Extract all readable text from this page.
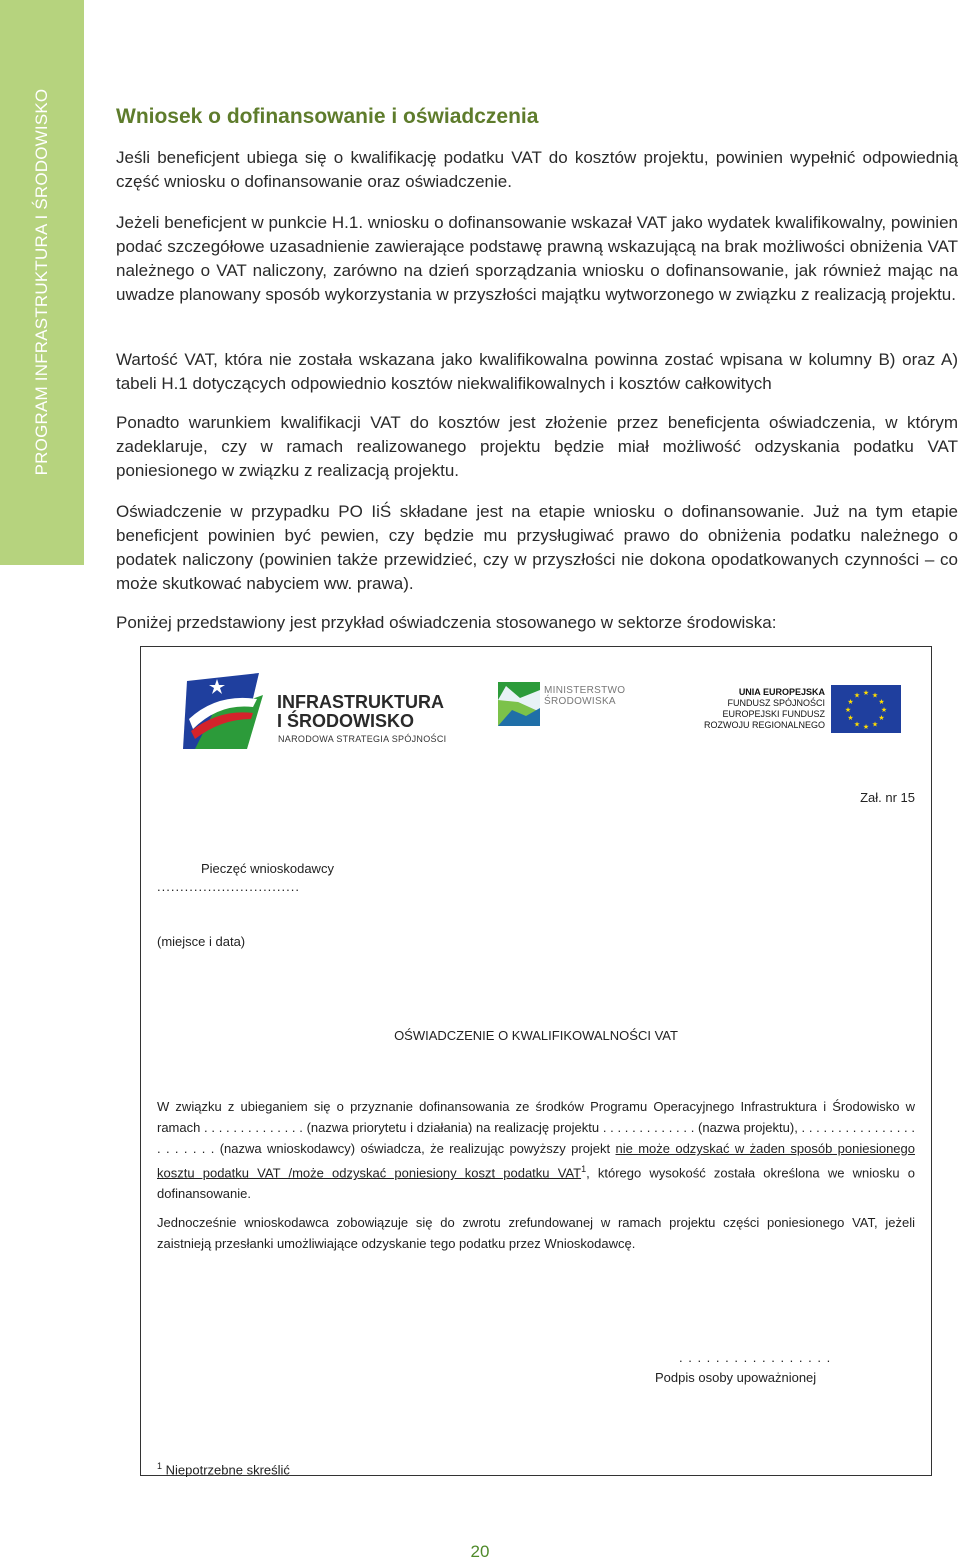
PROGRAM INFRASTRUKTURA I ŚRODOWISKO	Wniosek o dofinansowanie i oświadczenia

Jeśli beneficjent ubiega się o kwalifikację podatku VAT do kosztów projektu, powinien wypełnić odpowiednią część wniosku o dofinansowanie oraz oświadczenie.

Jeżeli beneficjent w punkcie H.1. wniosku o dofinansowanie wskazał VAT jako wydatek kwalifikowalny, powinien podać szczegółowe uzasadnienie zawierające podstawę prawną wskazującą na brak możliwości obniżenia VAT należnego o VAT naliczony, zarówno na dzień sporządzania wniosku o dofinansowanie, jak również mając na uwadze planowany sposób wykorzystania w przyszłości majątku wytworzonego w związku z realizacją projektu.

Wartość VAT, która nie została wskazana jako kwalifikowalna powinna zostać wpisana w kolumny B) oraz A) tabeli H.1 dotyczących odpowiednio kosztów niekwalifikowalnych i kosztów całkowitych

Ponadto warunkiem kwalifikacji VAT do kosztów jest złożenie przez beneficjenta oświadczenia, w którym zadeklaruje, czy w ramach realizowanego projektu będzie miał możliwość odzyskania podatku VAT poniesionego w związku z realizacją projektu.

Oświadczenie w przypadku PO IiŚ składane jest na etapie wniosku o dofinansowanie. Już na tym etapie beneficjent powinien być pewien, czy będzie mu przysługiwać prawo do obniżenia podatku należnego o podatek naliczony (powinien także przewidzieć, czy w przyszłości nie dokona opodatkowanych czynności – co może skutkować nabyciem ww. prawa).

Poniżej przedstawiony jest przykład oświadczenia stosowanego w sektorze środowiska:

INFRASTRUKTURA
I ŚRODOWISKO
NARODOWA STRATEGIA SPÓJNOŚCI
MINISTERSTWO
ŚRODOWISKA
UNIA EUROPEJSKA
FUNDUSZ SPÓJNOŚCI
EUROPEJSKI FUNDUSZ
ROZWOJU REGIONALNEGO
★ ★
★
★
★
★
★
★
★
★
★
★

Zał. nr 15

Pieczęć wnioskodawcy

...............................

(miejsce i data)

OŚWIADCZENIE O KWALIFIKOWALNOŚCI VAT

W związku z ubieganiem się o przyznanie dofinansowania ze środków Programu Operacyjnego Infrastruktura i Środowisko w ramach . . . . . . . . . . . . . . (nazwa priorytetu i działania) na realizację projektu . . . . . . . . . . . . . (nazwa projektu), . . . . . . . . . . . . . . . . . . . . . . . (nazwa wnioskodawcy) oświadcza, że realizując powyższy projekt nie może odzyskać w żaden sposób poniesionego kosztu podatku VAT /może odzyskać poniesiony koszt podatku VAT$^1$, którego wysokość została określona we wniosku o dofinansowanie.

Jednocześnie wnioskodawca zobowiązuje się do zwrotu zrefundowanej w ramach projektu części poniesionego VAT, jeżeli zaistnieją przesłanki umożliwiające odzyskanie tego podatku przez Wnioskodawcę.

. . . . . . . . . . . . . . . . .

Podpis osoby upoważnionej

$^1$ Niepotrzebne skreślić

20
